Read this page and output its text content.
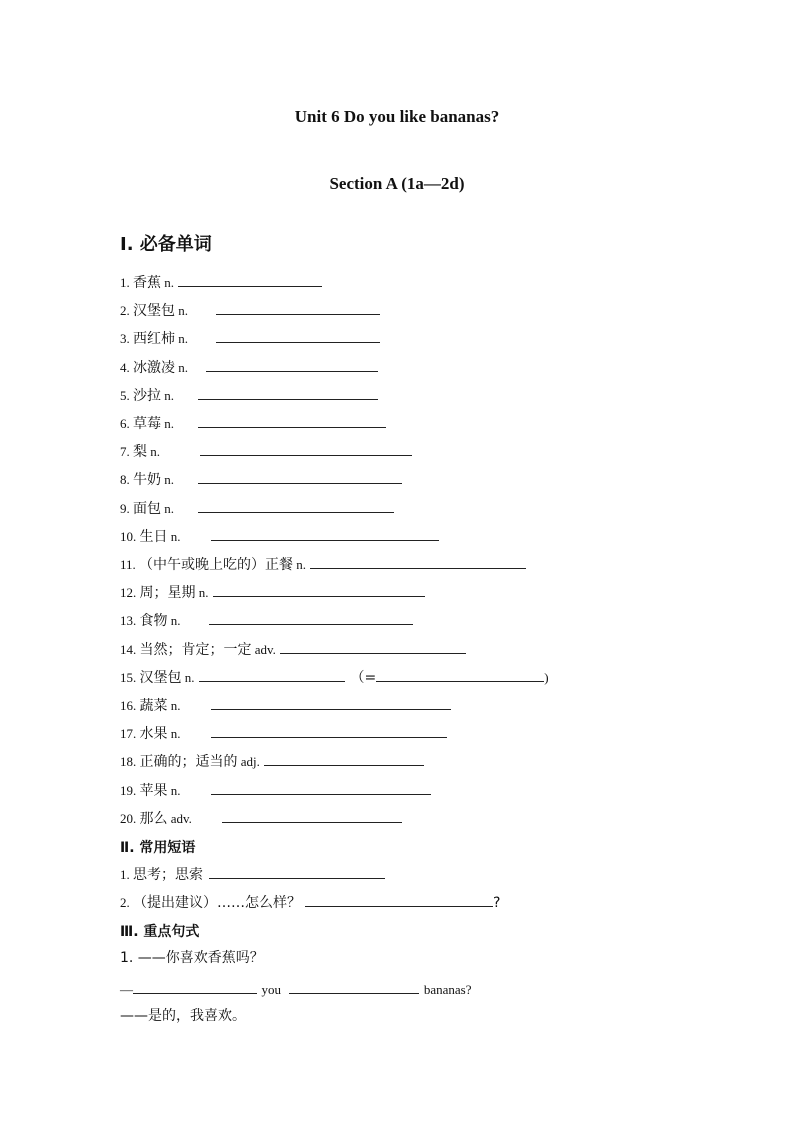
Unit 6 Do you like bananas?
Section A (1a—2d)
Ⅰ. 必备单词
1. 香蕉 n.
2. 汉堡包 n.
3. 西红柿 n.
4. 冰激凌 n.
5. 沙拉 n.
6. 草莓 n.
7. 梨 n.
8. 牛奶 n.
9. 面包 n.
10. 生日 n.
11. （中午或晚上吃的）正餐 n.
12. 周；星期 n.
13. 食物 n.
14. 当然；肯定；一定 adv.
15. 汉堡包 n.	（=	)
16. 蔬菜 n.
17. 水果 n.
18. 正确的；适当的 adj.
19. 苹果 n.
20. 那么 adv.
Ⅱ. 常用短语
1. 思考；思索
2. （提出建议）……怎么样？	?
Ⅲ. 重点句式
1. ——你喜欢香蕉吗？
—	you	bananas?
——是的，我喜欢。
